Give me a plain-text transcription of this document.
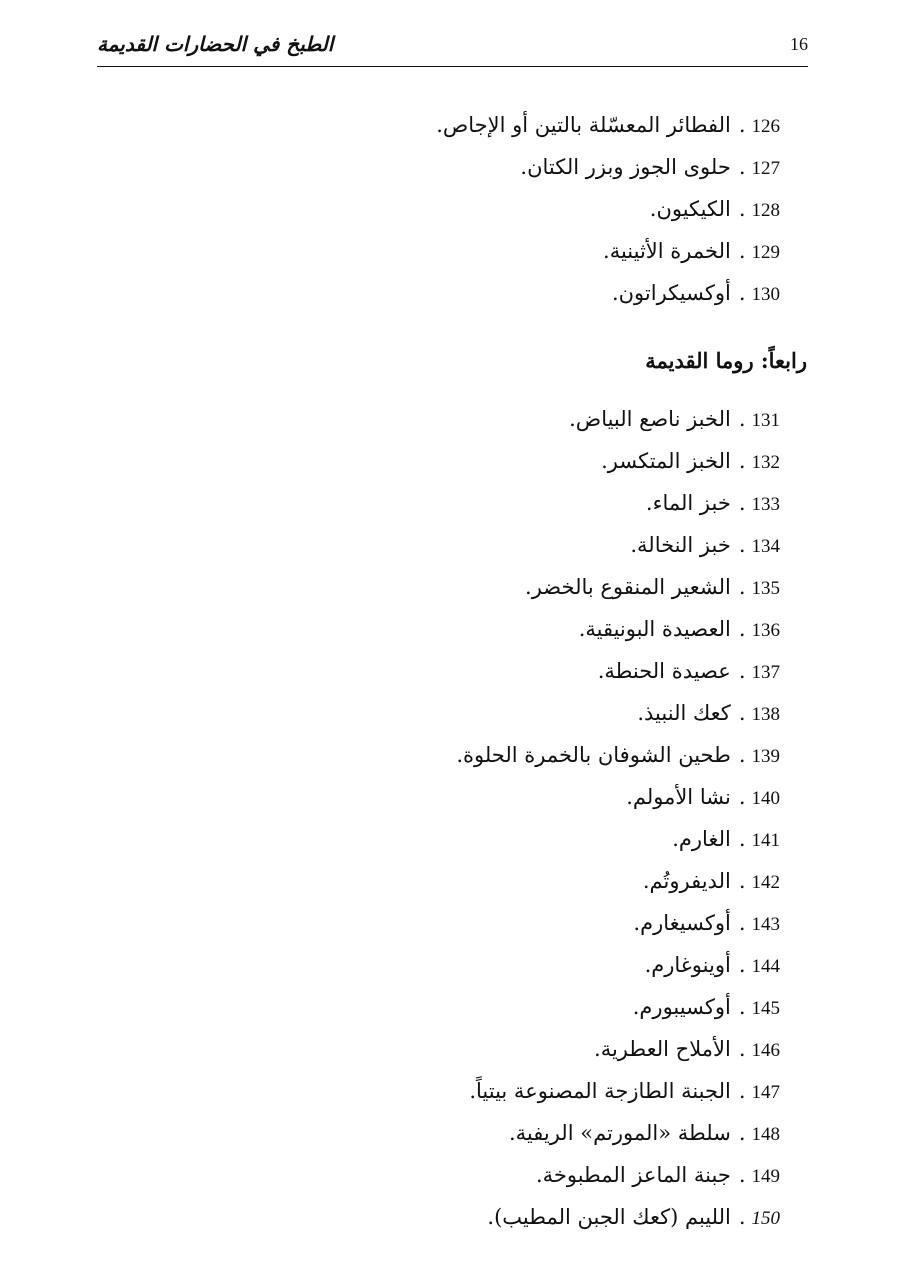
الطبخ في الحضارات القديمة	16
126.الفطائر المعسّلة بالتين أو الإجاص.
127.حلوى الجوز وبزر الكتان.
128.الكيكيون.
129.الخمرة الأثينية.
130.أوكسيكراتون.
رابعاً: روما القديمة
131.الخبز ناصع البياض.
132.الخبز المتكسر.
133.خبز الماء.
134.خبز النخالة.
135.الشعير المنقوع بالخضر.
136.العصيدة البونيقية.
137.عصيدة الحنطة.
138.كعك النبيذ.
139.طحين الشوفان بالخمرة الحلوة.
140.نشا الأمولم.
141.الغارم.
142.الديفروتُم.
143.أوكسيغارم.
144.أوينوغارم.
145.أوكسيبورم.
146.الأملاح العطرية.
147.الجبنة الطازجة المصنوعة بيتياً.
148.سلطة «المورتم» الريفية.
149.جبنة الماعز المطبوخة.
150.الليبم (كعك الجبن المطيب).
